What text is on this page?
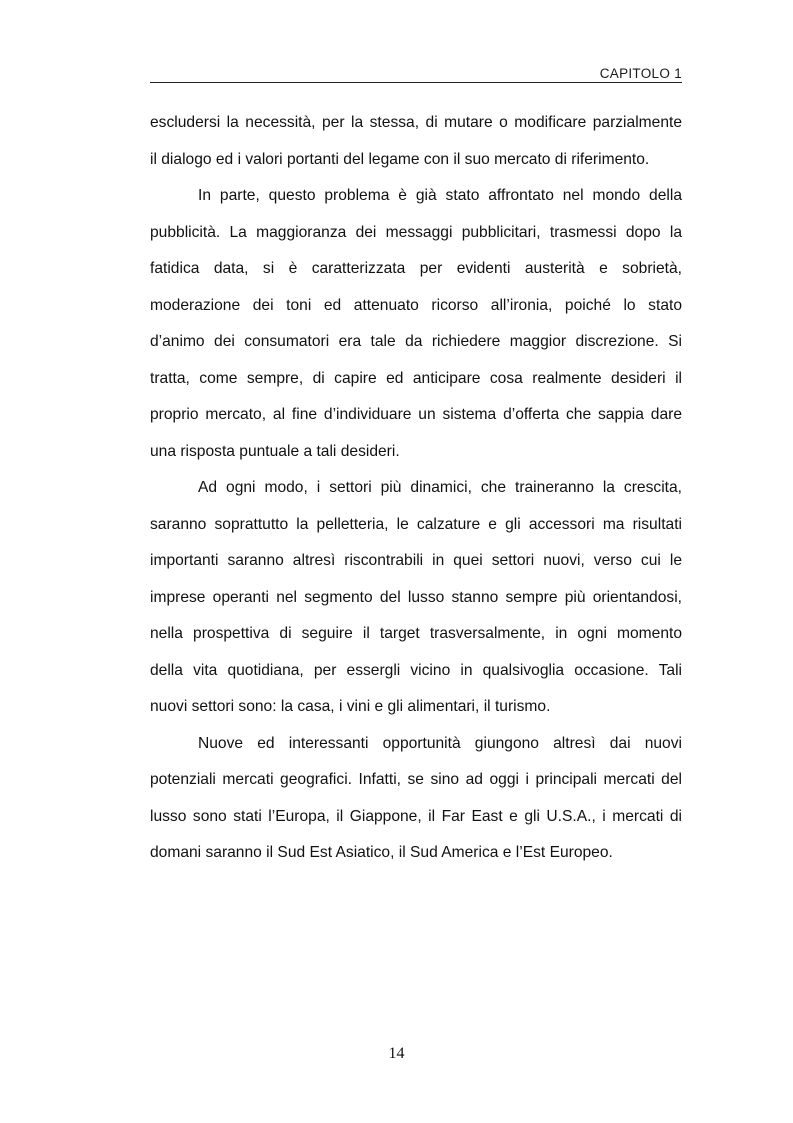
CAPITOLO 1

escludersi la necessità, per la stessa, di mutare o modificare parzialmente

il dialogo ed i valori portanti del legame con il suo mercato di riferimento.

In parte, questo problema è già stato affrontato nel mondo della

pubblicità. La maggioranza dei messaggi pubblicitari, trasmessi dopo la

fatidica data, si è caratterizzata per evidenti austerità e sobrietà,

moderazione dei toni ed attenuato ricorso all’ironia, poiché lo stato

d’animo dei consumatori era tale da richiedere maggior discrezione. Si

tratta, come sempre, di capire ed anticipare cosa realmente desideri il

proprio mercato, al fine d’individuare un sistema d’offerta che sappia dare

una risposta puntuale a tali desideri.

Ad ogni modo, i settori più dinamici, che traineranno la crescita,

saranno soprattutto la pelletteria, le calzature e gli accessori ma risultati

importanti saranno altresì riscontrabili in quei settori nuovi, verso cui le

imprese operanti nel segmento del lusso stanno sempre più orientandosi,

nella prospettiva di seguire il target trasversalmente, in ogni momento

della vita quotidiana, per essergli vicino in qualsivoglia occasione. Tali

nuovi settori sono: la casa, i vini e gli alimentari, il turismo.

Nuove ed interessanti opportunità giungono altresì dai nuovi

potenziali mercati geografici. Infatti, se sino ad oggi i principali mercati del

lusso sono stati l’Europa, il Giappone, il Far East e gli U.S.A., i mercati di

domani saranno il Sud Est Asiatico, il Sud America e l’Est Europeo.

14
